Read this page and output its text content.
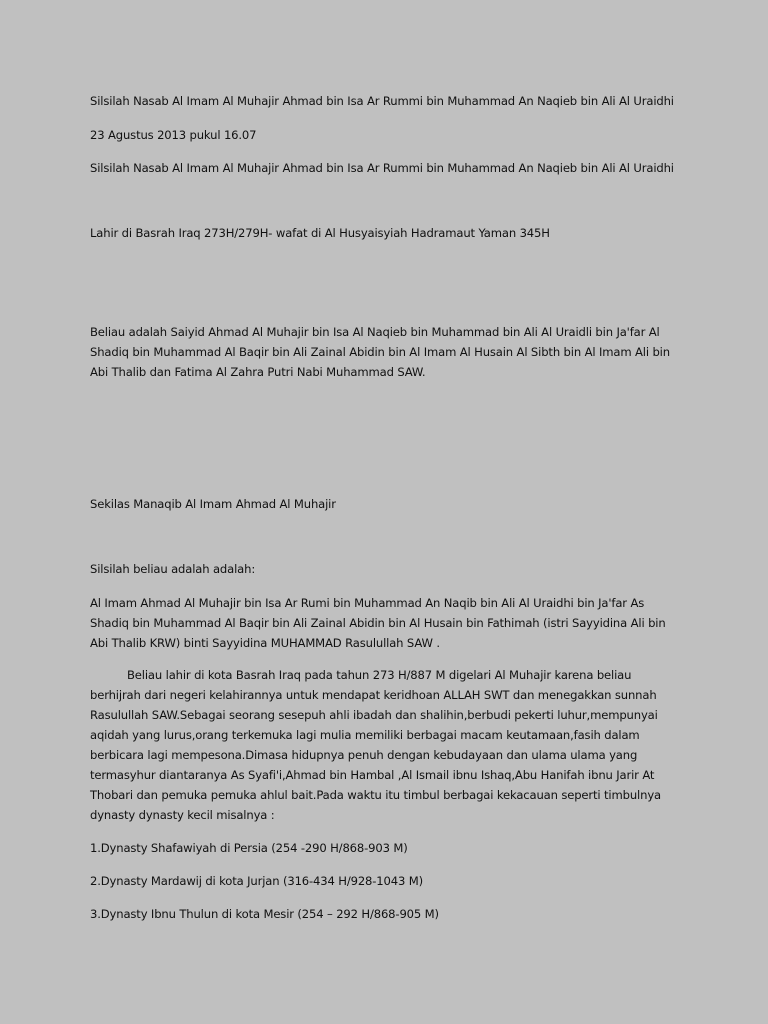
Silsilah Nasab Al Imam Al Muhajir Ahmad bin Isa Ar Rummi bin Muhammad An Naqieb bin Ali Al Uraidhi
23 Agustus 2013 pukul 16.07
Silsilah Nasab Al Imam Al Muhajir Ahmad bin Isa Ar Rummi bin Muhammad An Naqieb bin Ali Al Uraidhi
Lahir di Basrah Iraq 273H/279H- wafat di Al Husyaisyiah Hadramaut Yaman 345H
Beliau adalah Saiyid Ahmad Al Muhajir bin Isa Al Naqieb bin Muhammad bin Ali Al Uraidli bin Ja'far Al
Shadiq bin Muhammad Al Baqir bin Ali Zainal Abidin bin Al Imam Al Husain Al Sibth bin Al Imam Ali bin
Abi Thalib dan Fatima Al Zahra Putri Nabi Muhammad SAW.
Sekilas Manaqib Al Imam Ahmad Al Muhajir
Silsilah beliau adalah adalah:
Al Imam Ahmad Al Muhajir bin Isa Ar Rumi bin Muhammad An Naqib bin Ali Al Uraidhi bin Ja'far As
Shadiq bin Muhammad Al Baqir bin Ali Zainal Abidin bin Al Husain bin Fathimah (istri Sayyidina Ali bin
Abi Thalib KRW) binti Sayyidina MUHAMMAD Rasulullah SAW .
Beliau lahir di kota Basrah Iraq pada tahun 273 H/887 M digelari Al Muhajir karena beliau
berhijrah dari negeri kelahirannya untuk mendapat keridhoan ALLAH SWT dan menegakkan sunnah
Rasulullah SAW.Sebagai seorang sesepuh ahli ibadah dan shalihin,berbudi pekerti luhur,mempunyai
aqidah yang lurus,orang terkemuka lagi mulia memiliki berbagai macam keutamaan,fasih dalam
berbicara lagi mempesona.Dimasa hidupnya penuh dengan kebudayaan dan ulama ulama yang
termasyhur diantaranya As Syafi'i,Ahmad bin Hambal ,Al Ismail ibnu Ishaq,Abu Hanifah ibnu Jarir At
Thobari dan pemuka pemuka ahlul bait.Pada waktu itu timbul berbagai kekacauan seperti timbulnya
dynasty dynasty kecil misalnya :
1.Dynasty Shafawiyah di Persia (254 -290 H/868-903 M)
2.Dynasty Mardawij di kota Jurjan (316-434 H/928-1043 M)
3.Dynasty Ibnu Thulun di kota Mesir (254 – 292 H/868-905 M)
